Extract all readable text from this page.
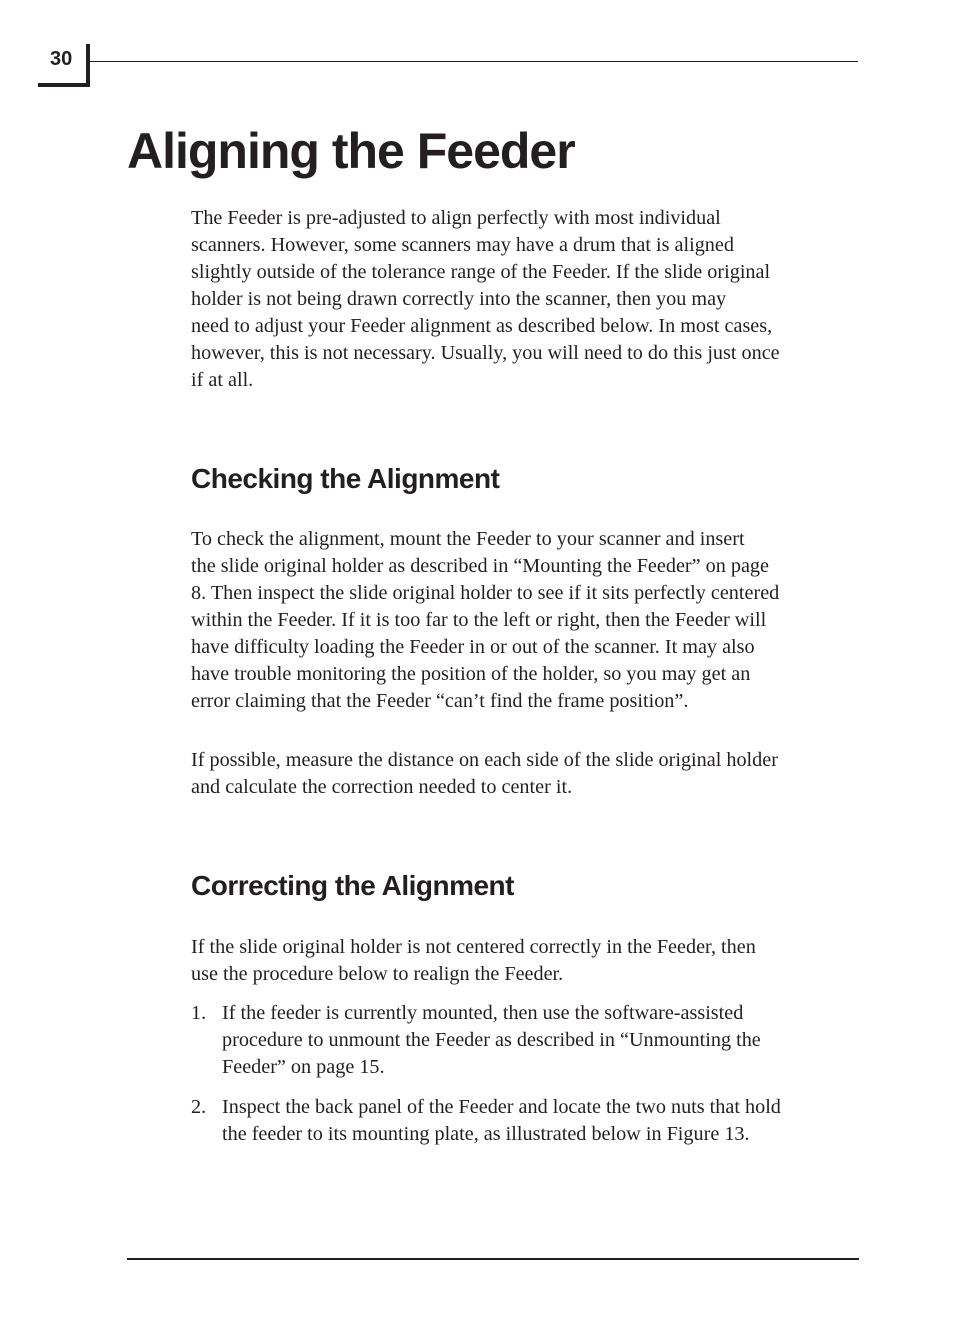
30
Aligning the Feeder
The Feeder is pre-adjusted to align perfectly with most individual
scanners. However, some scanners may have a drum that is aligned
slightly outside of the tolerance range of the Feeder. If the slide original
holder is not being drawn correctly into the scanner, then you may
need to adjust your Feeder alignment as described below. In most cases,
however, this is not necessary. Usually, you will need to do this just once
if at all.
Checking the Alignment
To check the alignment, mount the Feeder to your scanner and insert
the slide original holder as described in “Mounting the Feeder” on page
8. Then inspect the slide original holder to see if it sits perfectly centered
within the Feeder. If it is too far to the left or right, then the Feeder will
have difficulty loading the Feeder in or out of the scanner. It may also
have trouble monitoring the position of the holder, so you may get an
error claiming that the Feeder “can’t find the frame position”.
If possible, measure the distance on each side of the slide original holder
and calculate the correction needed to center it.
Correcting the Alignment
If the slide original holder is not centered correctly in the Feeder, then
use the procedure below to realign the Feeder.
1. If the feeder is currently mounted, then use the software-assisted
procedure to unmount the Feeder as described in “Unmounting the
Feeder” on page 15.
2. Inspect the back panel of the Feeder and locate the two nuts that hold
the feeder to its mounting plate, as illustrated below in Figure 13.
